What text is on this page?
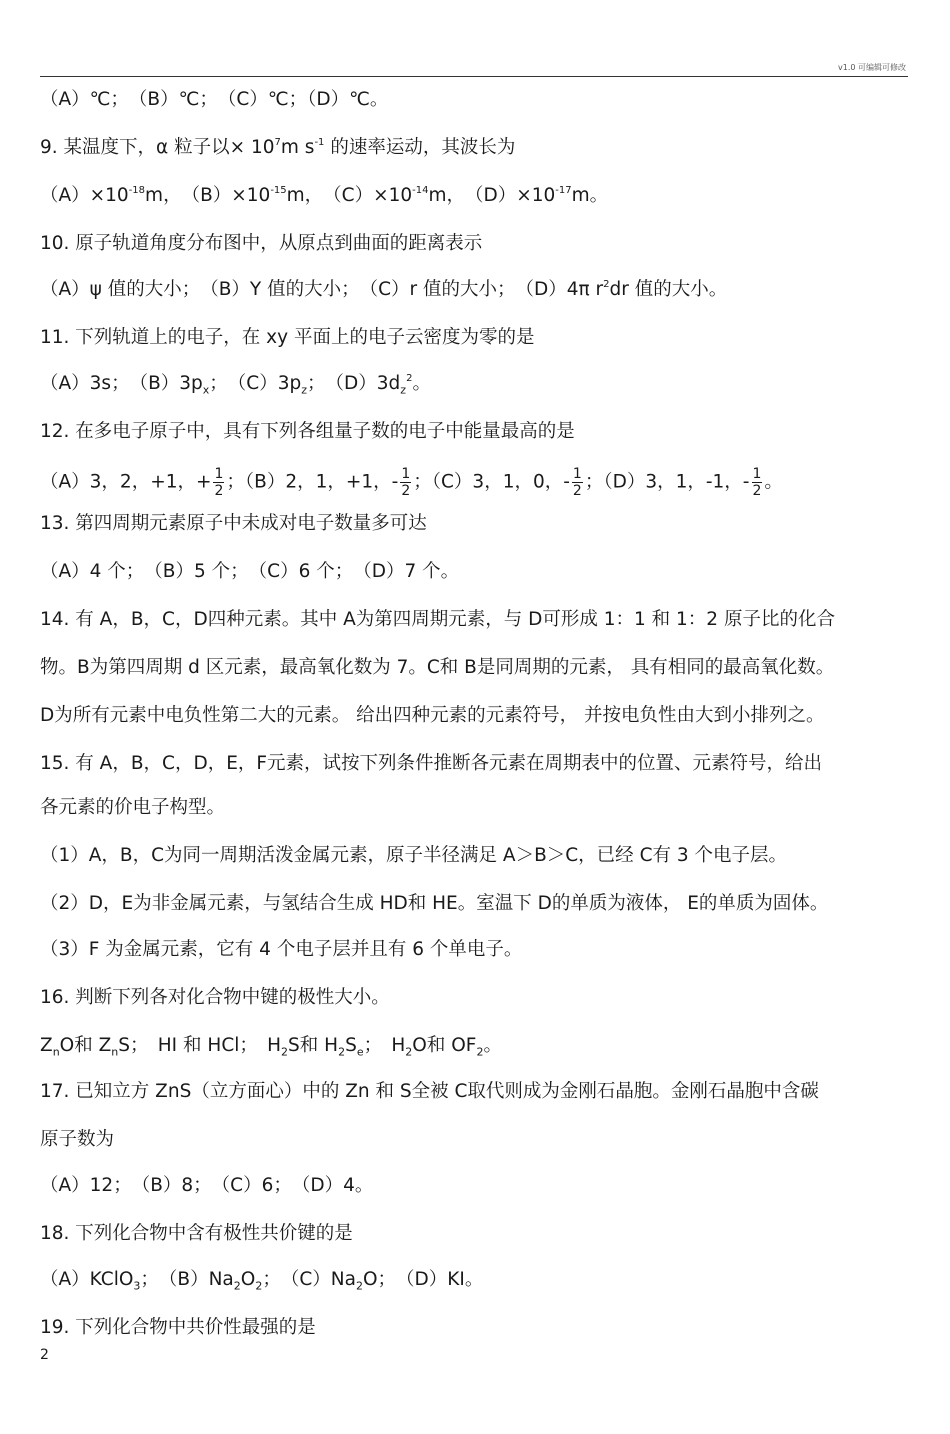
v1.0 可编辑可修改
（A）℃；　（B）℃；　（C）℃；（D）℃。
9. 某温度下，α 粒子以× $10^7m$ $s^{-1}$ 的速率运动，其波长为
$(A)\times 10^{-18}m$，　$(B)\times 10^{-15}m$，　$(C)\times 10^{-14}m$，　$(D)\times 10^{-17}m$。
10. 原子轨道角度分布图中，从原点到曲面的距离表示
（A）ψ 值的大小；　（B）Y 值的大小；　（C）r 值的大小；　（D）4π $r^2dr$ 值的大小。
11. 下列轨道上的电子，在 xy 平面上的电子云密度为零的是
（A）3s；　$(B)3p_x$；　$(C)3p_z$；　$(D)3d_z^2$。
12. 在多电子原子中，具有下列各组量子数的电子中能量最高的是
（A）3，2，+1，+ $\frac{1}{2}$ ；（B）2，1，+1，- $\frac{1}{2}$ ；（C）3，1，0，- $\frac{1}{2}$ ；（D）3，1，-1，- $\frac{1}{2}$ 。
13. 第四周期元素原子中未成对电子数量多可达
（A）4 个；　（B）5 个；　（C）6 个；　（D）7 个。
14. 有 A，B，C，D四种元素。其中 A为第四周期元素，与 D可形成 1：1 和 1：2 原子比的化合
物。B为第四周期 d 区元素，最高氧化数为 7。C和 B是同周期的元素， 具有相同的最高氧化数。
D为所有元素中电负性第二大的元素。 给出四种元素的元素符号， 并按电负性由大到小排列之。
15. 有 A，B，C，D，E，F元素，试按下列条件推断各元素在周期表中的位置、元素符号，给出
各元素的价电子构型。
（1）A，B，C为同一周期活泼金属元素，原子半径满足 A＞B＞C，已经 C有 3 个电子层。
（2）D，E为非金属元素，与氢结合生成 HD和 HE。室温下 D的单质为液体， E的单质为固体。
（3）F 为金属元素，它有 4 个电子层并且有 6 个单电子。
16. 判断下列各对化合物中键的极性大小。
$Z_nO$和 $Z_nS$；　HI 和 HCl；　$H_2S$和 $H_2S_e$；　$H_2O$和 $OF_2$。
17. 已知立方 ZnS（立方面心）中的 Zn 和 S全被 C取代则成为金刚石晶胞。金刚石晶胞中含碳
原子数为
（A）12；　（B）8；　（C）6；　（D）4。
18. 下列化合物中含有极性共价键的是
（A）KClO$_3$；　$(B)Na_2O_2$；　$(C)Na_2O$；　（D）KI。
19. 下列化合物中共价性最强的是
2
